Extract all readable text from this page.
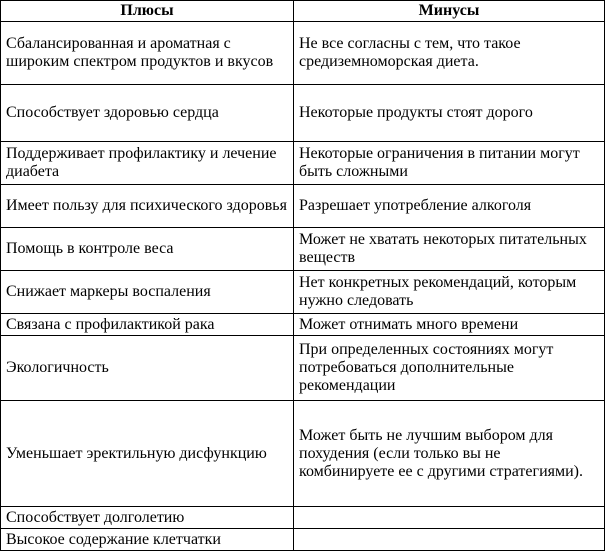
Плюсы	Минусы
Сбалансированная и ароматная с широким спектром продуктов и вкусов	Не все согласны с тем, что такое средиземноморская диета.
Способствует здоровью сердца	Некоторые продукты стоят дорого
Поддерживает профилактику и лечение диабета	Некоторые ограничения в питании могут быть сложными
Имеет пользу для психического здоровья	Разрешает употребление алкоголя
Помощь в контроле веса	Может не хватать некоторых питательных веществ
Снижает маркеры воспаления	Нет конкретных рекомендаций, которым нужно следовать
Связана с профилактикой рака	Может отнимать много времени
Экологичность	При определенных состояниях могут потребоваться дополнительные рекомендации
Уменьшает эректильную дисфункцию	Может быть не лучшим выбором для похудения (если только вы не комбинируете ее с другими стратегиями).
Способствует долголетию	
Высокое содержание клетчатки	
